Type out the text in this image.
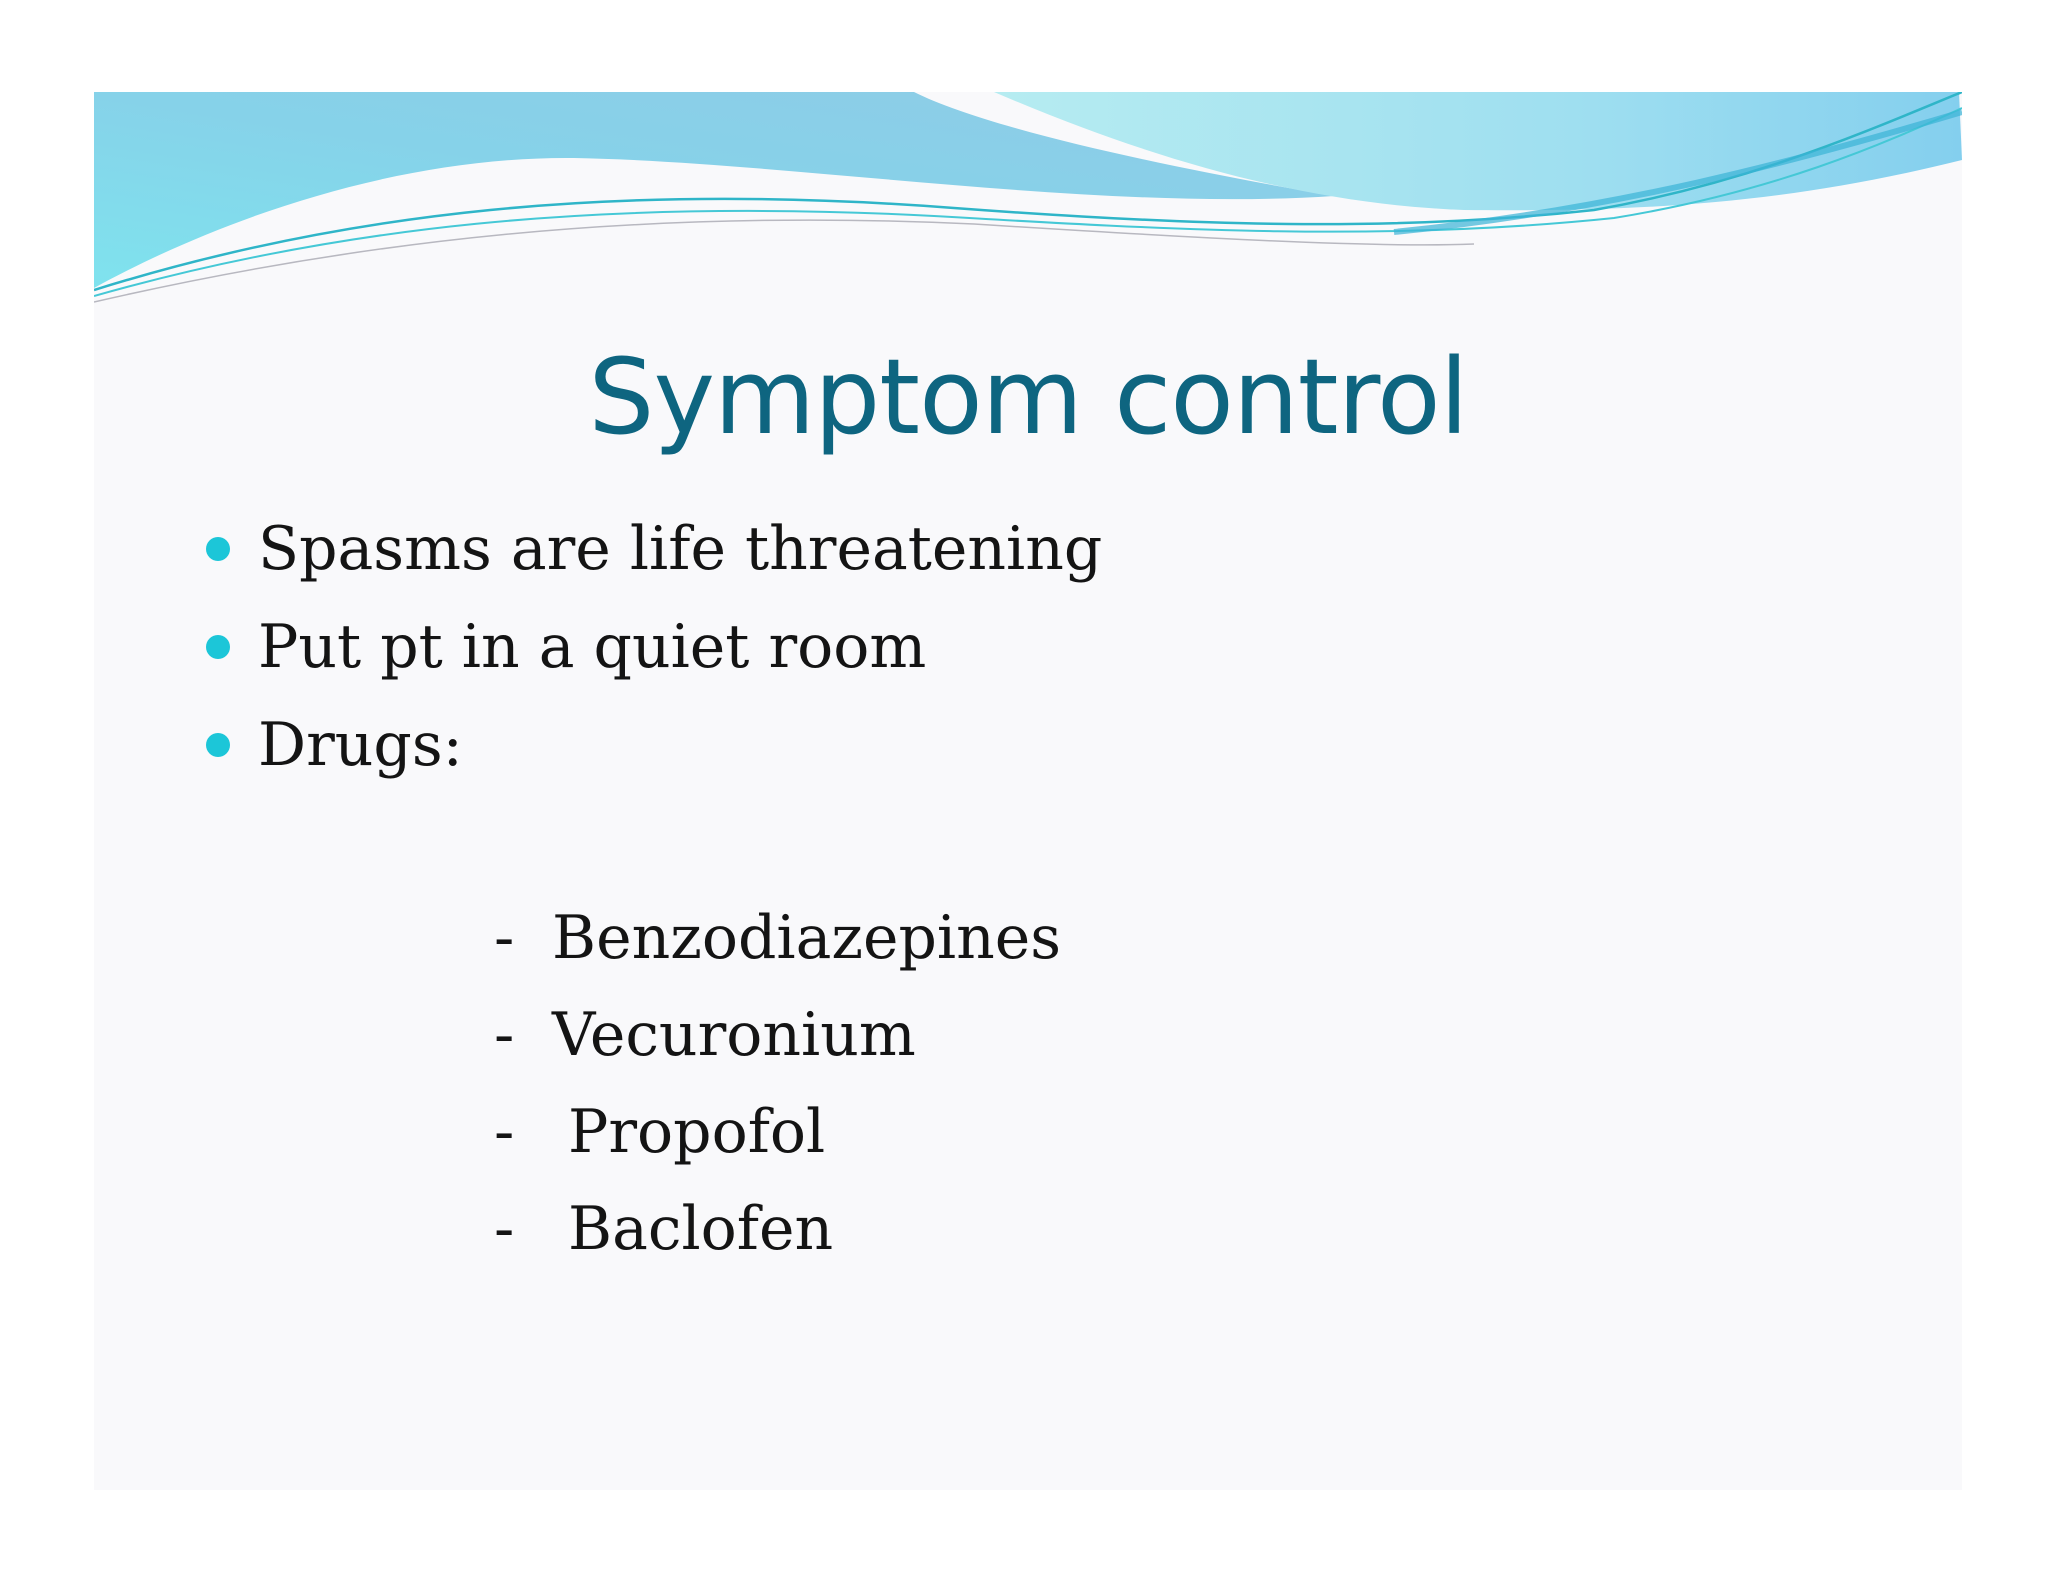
Symptom control
Spasms are life threatening
Put pt in a quiet room
Drugs:
- Benzodiazepines
- Vecuronium
- Propofol
- Baclofen
